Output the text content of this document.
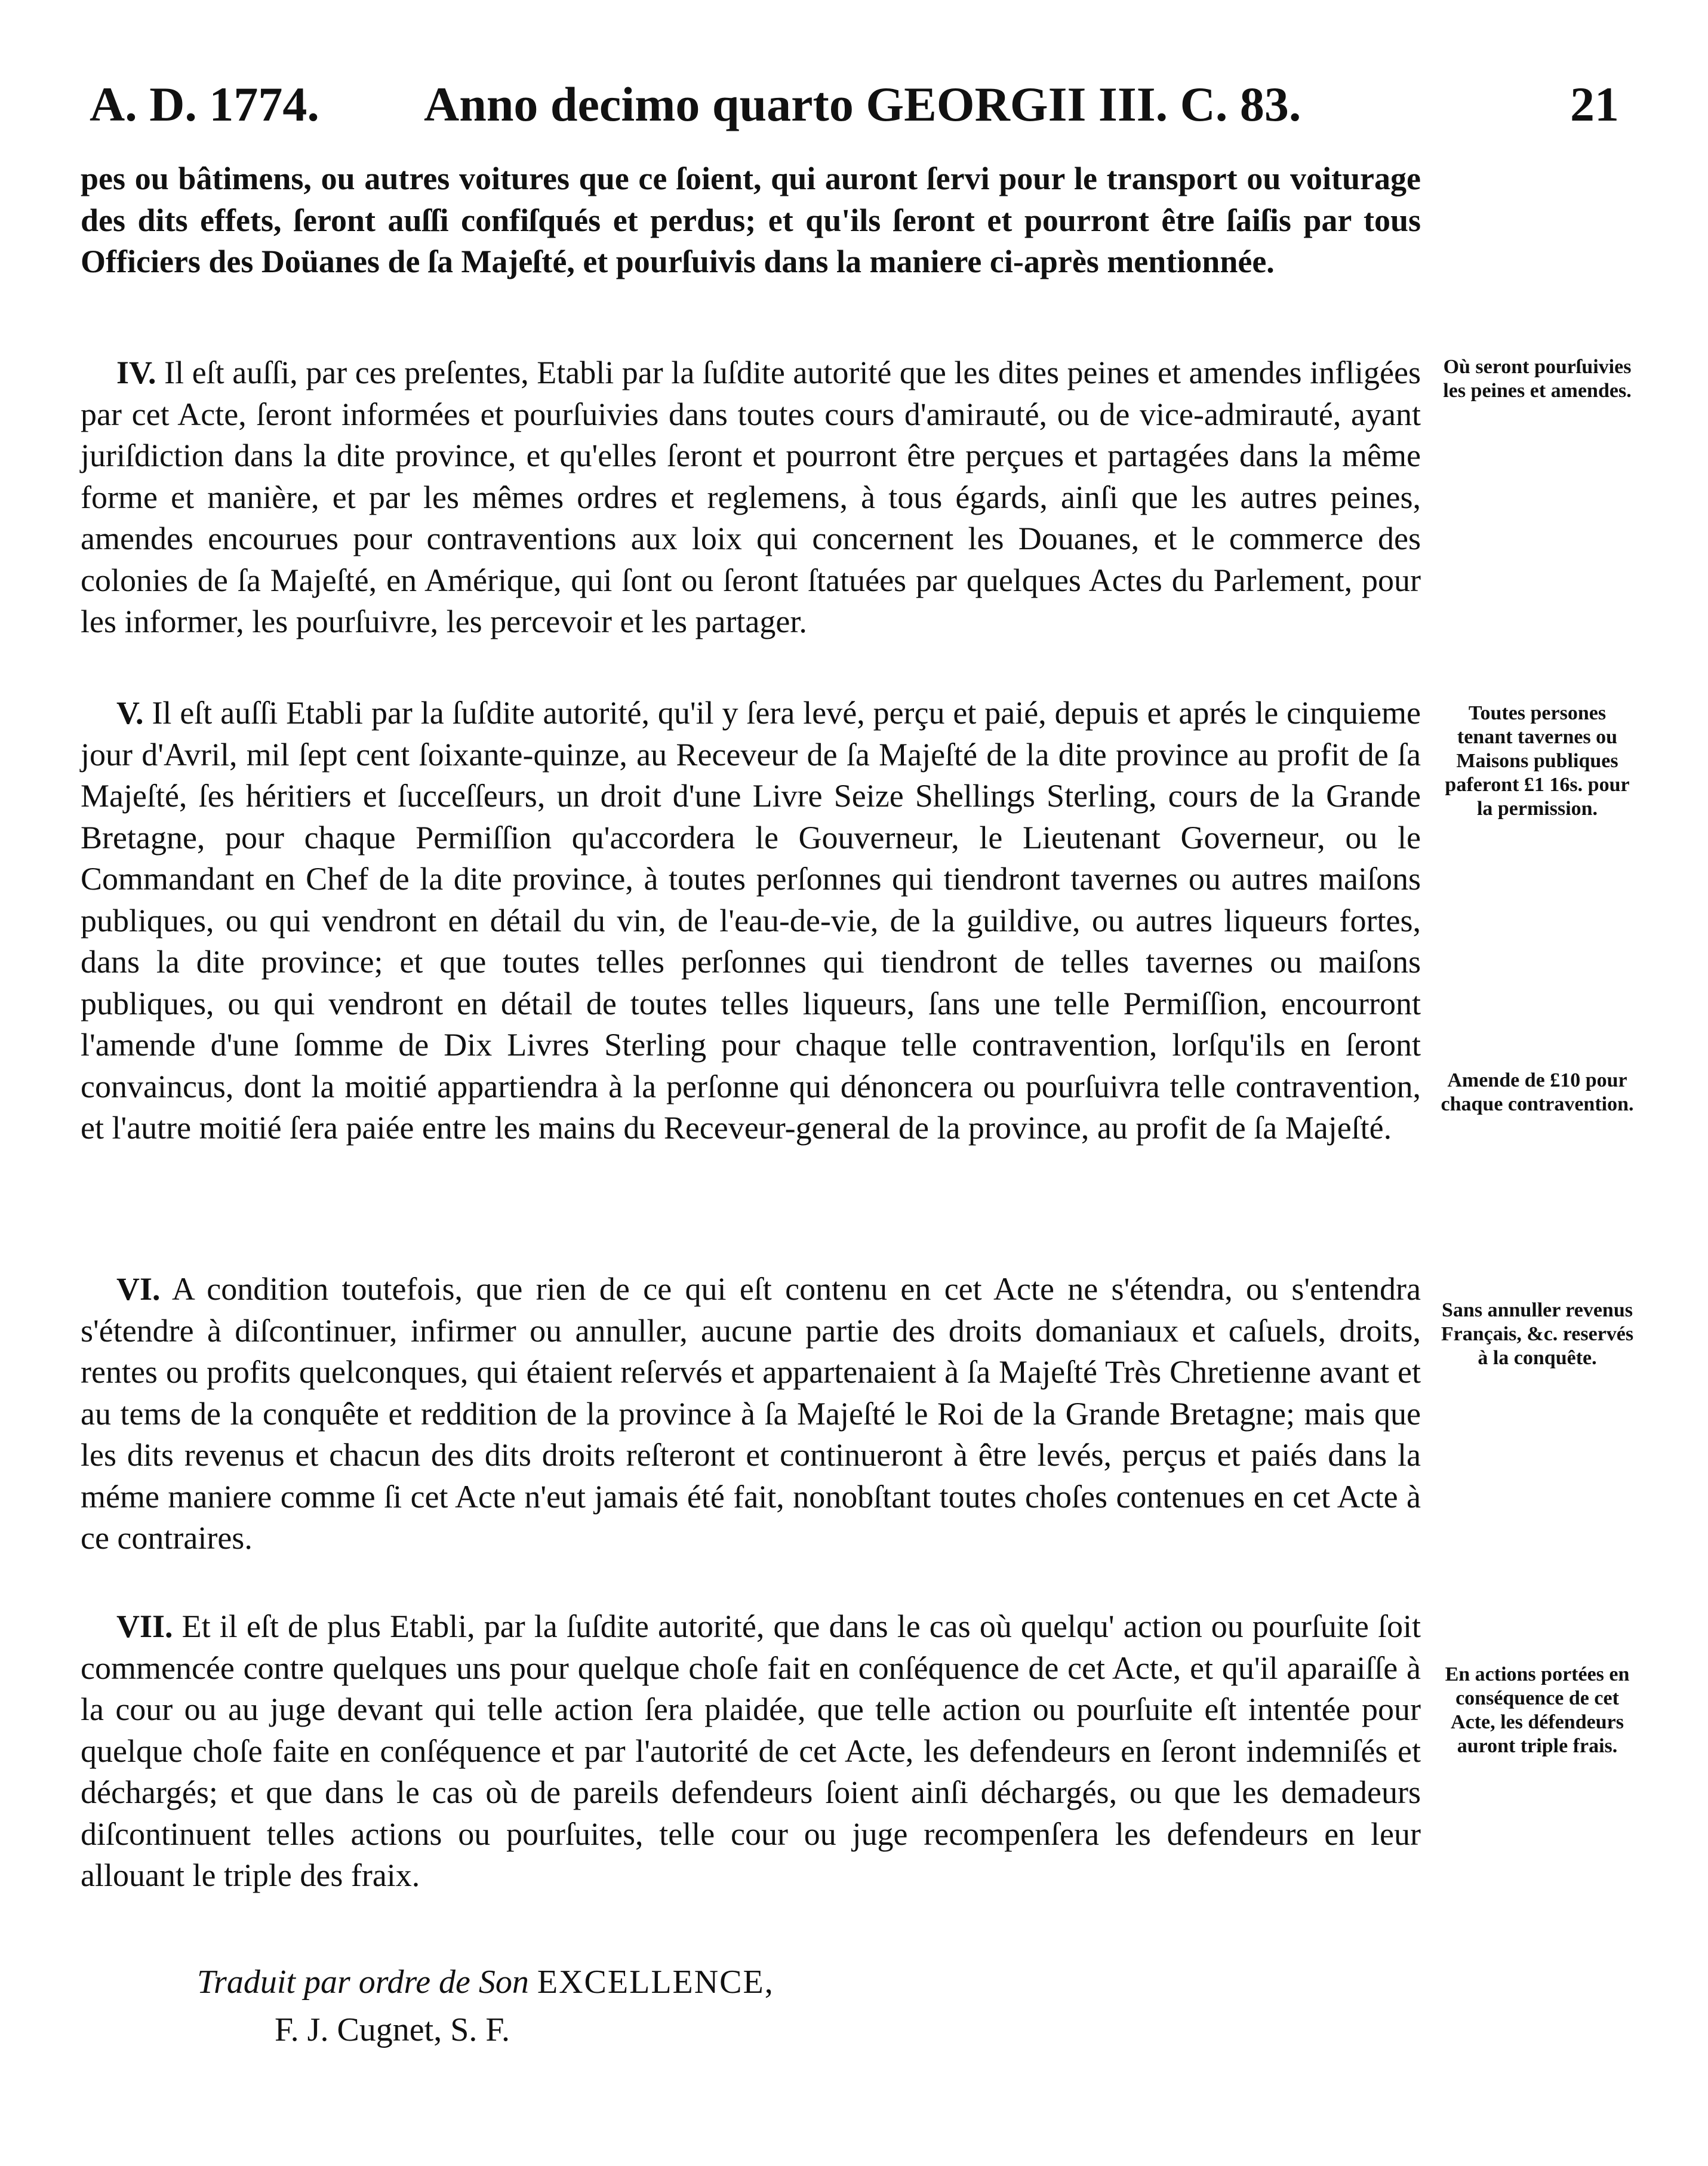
A. D. 1774. Anno decimo quarto GEORGII III. C. 83.	21

pes ou bâtimens, ou autres voitures que ce ſoient, qui auront ſervi pour le transport ou voiturage des dits effets, ſeront auſſi confiſqués et perdus; et qu'ils ſeront et pourront être ſaiſis par tous Officiers des Doüanes de ſa Majeſté, et pourſuivis dans la maniere ci-après mentionnée.

IV. Il eſt auſſi, par ces preſentes, Etabli par la ſuſdite autorité que les dites peines et amendes infligées par cet Acte, ſeront informées et pourſuivies dans toutes cours d'amirauté, ou de vice-admirauté, ayant juriſdiction dans la dite province, et qu'elles ſeront et pourront être perçues et partagées dans la même forme et manière, et par les mêmes ordres et reglemens, à tous égards, ainſi que les autres peines, amendes encourues pour contraventions aux loix qui concernent les Douanes, et le commerce des colonies de ſa Majeſté, en Amérique, qui ſont ou ſeront ſtatuées par quelques Actes du Parlement, pour les informer, les pourſuivre, les percevoir et les partager.

Où seront pourſuivies les peines et amendes.

V. Il eſt auſſi Etabli par la ſuſdite autorité, qu'il y ſera levé, perçu et paié, depuis et aprés le cinquieme jour d'Avril, mil ſept cent ſoixante-quinze, au Receveur de ſa Majeſté de la dite province au profit de ſa Majeſté, ſes héritiers et ſucceſſeurs, un droit d'une Livre Seize Shellings Sterling, cours de la Grande Bretagne, pour chaque Permiſſion qu'accordera le Gouverneur, le Lieutenant Governeur, ou le Commandant en Chef de la dite province, à toutes perſonnes qui tiendront tavernes ou autres maiſons publiques, ou qui vendront en détail du vin, de l'eau-de-vie, de la guildive, ou autres liqueurs fortes, dans la dite province; et que toutes telles perſonnes qui tiendront de telles tavernes ou maiſons publiques, ou qui vendront en détail de toutes telles liqueurs, ſans une telle Permiſſion, encourront l'amende d'une ſomme de Dix Livres Sterling pour chaque telle contravention, lorſqu'ils en ſeront convaincus, dont la moitié appartiendra à la perſonne qui dénoncera ou pourſuivra telle contravention, et l'autre moitié ſera paiée entre les mains du Receveur-general de la province, au profit de ſa Majeſté.

Toutes persones tenant tavernes ou Maisons publiques paferont £1 16s. pour la permission.
Amende de £10 pour chaque contravention.

VI. A condition toutefois, que rien de ce qui eſt contenu en cet Acte ne s'étendra, ou s'entendra s'étendre à diſcontinuer, infirmer ou annuller, aucune partie des droits domaniaux et caſuels, droits, rentes ou profits quelconques, qui étaient reſervés et appartenaient à ſa Majeſté Très Chretienne avant et au tems de la conquête et reddition de la province à ſa Majeſté le Roi de la Grande Bretagne; mais que les dits revenus et chacun des dits droits reſteront et continueront à être levés, perçus et paiés dans la méme maniere comme ſi cet Acte n'eut jamais été fait, nonobſtant toutes choſes contenues en cet Acte à ce contraires.

Sans annuller revenus Français, &c. reservés à la conquête.

VII. Et il eſt de plus Etabli, par la ſuſdite autorité, que dans le cas où quelqu' action ou pourſuite ſoit commencée contre quelques uns pour quelque choſe fait en conſéquence de cet Acte, et qu'il aparaiſſe à la cour ou au juge devant qui telle action ſera plaidée, que telle action ou pourſuite eſt intentée pour quelque choſe faite en conſéquence et par l'autorité de cet Acte, les defendeurs en ſeront indemniſés et déchargés; et que dans le cas où de pareils defendeurs ſoient ainſi déchargés, ou que les demadeurs diſcontinuent telles actions ou pourſuites, telle cour ou juge recompenſera les defendeurs en leur allouant le triple des fraix.

En actions portées en conséquence de cet Acte, les défendeurs auront triple frais.
Traduit par ordre de Son EXCELLENCE,
F. J. Cugnet, S. F.
